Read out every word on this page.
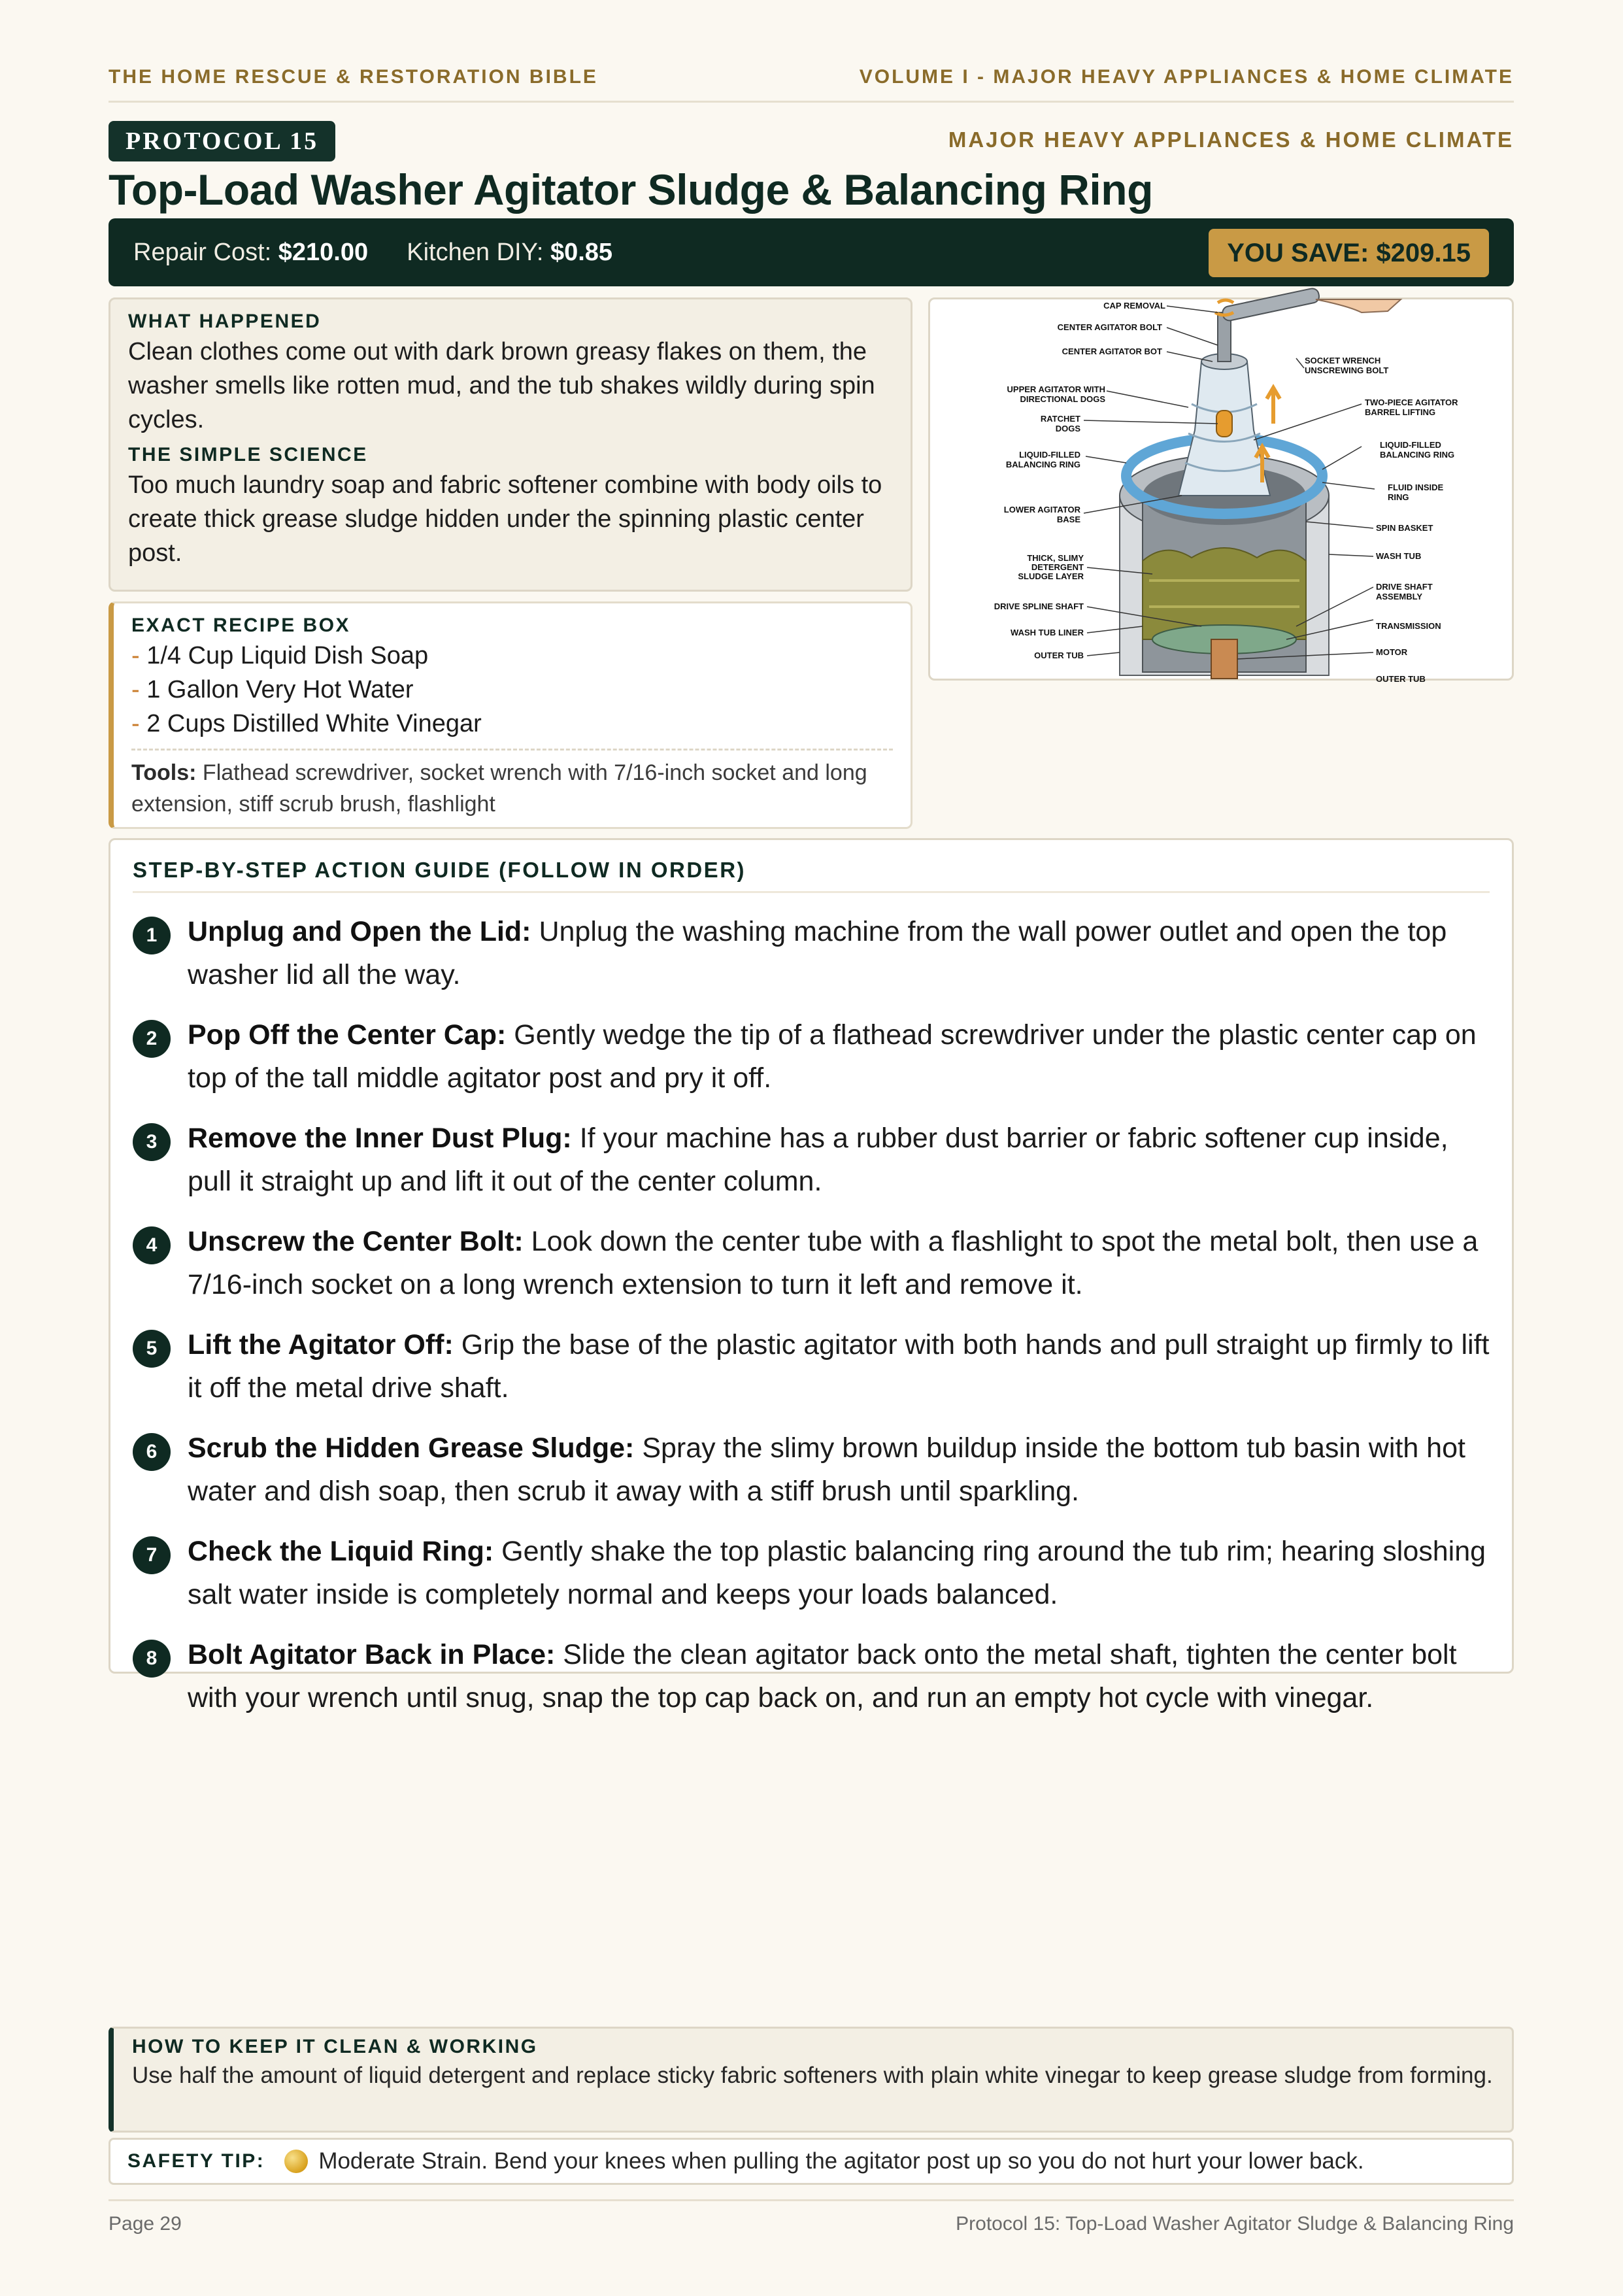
THE HOME RESCUE & RESTORATION BIBLE	VOLUME I - MAJOR HEAVY APPLIANCES & HOME CLIMATE
PROTOCOL 15	MAJOR HEAVY APPLIANCES & HOME CLIMATE
Top-Load Washer Agitator Sludge & Balancing Ring
Repair Cost: $210.00 Kitchen DIY: $0.85	YOU SAVE: $209.15
WHAT HAPPENED
Clean clothes come out with dark brown greasy flakes on them, the washer smells like rotten mud, and the tub shakes wildly during spin cycles.
THE SIMPLE SCIENCE
Too much laundry soap and fabric softener combine with body oils to create thick grease sludge hidden under the spinning plastic center post.
CAP REMOVAL
CENTER AGITATOR BOLT
CENTER AGITATOR BOT
UPPER AGITATOR WITH
DIRECTIONAL DOGS
RATCHET
DOGS
LIQUID-FILLED
BALANCING RING
LOWER AGITATOR
BASE
THICK, SLIMY
DETERGENT
SLUDGE LAYER
DRIVE SPLINE SHAFT
WASH TUB LINER
OUTER TUB
SOCKET WRENCH
UNSCREWING BOLT
TWO-PIECE AGITATOR
BARREL LIFTING
LIQUID-FILLED
BALANCING RING
FLUID INSIDE
RING
SPIN BASKET
WASH TUB
DRIVE SHAFT
ASSEMBLY
TRANSMISSION
MOTOR
OUTER TUB
EXACT RECIPE BOX
- 1/4 Cup Liquid Dish Soap
- 1 Gallon Very Hot Water
- 2 Cups Distilled White Vinegar
Tools: Flathead screwdriver, socket wrench with 7/16-inch socket and long extension, stiff scrub brush, flashlight
STEP-BY-STEP ACTION GUIDE (FOLLOW IN ORDER)
1	Unplug and Open the Lid: Unplug the washing machine from the wall power outlet and open the top washer lid all the way.
2	Pop Off the Center Cap: Gently wedge the tip of a flathead screwdriver under the plastic center cap on top of the tall middle agitator post and pry it off.
3	Remove the Inner Dust Plug: If your machine has a rubber dust barrier or fabric softener cup inside, pull it straight up and lift it out of the center column.
4	Unscrew the Center Bolt: Look down the center tube with a flashlight to spot the metal bolt, then use a 7/16-inch socket on a long wrench extension to turn it left and remove it.
5	Lift the Agitator Off: Grip the base of the plastic agitator with both hands and pull straight up firmly to lift it off the metal drive shaft.
6	Scrub the Hidden Grease Sludge: Spray the slimy brown buildup inside the bottom tub basin with hot water and dish soap, then scrub it away with a stiff brush until sparkling.
7	Check the Liquid Ring: Gently shake the top plastic balancing ring around the tub rim; hearing sloshing salt water inside is completely normal and keeps your loads balanced.
8	Bolt Agitator Back in Place: Slide the clean agitator back onto the metal shaft, tighten the center bolt with your wrench until snug, snap the top cap back on, and run an empty hot cycle with vinegar.
HOW TO KEEP IT CLEAN & WORKING
Use half the amount of liquid detergent and replace sticky fabric softeners with plain white vinegar to keep grease sludge from forming.
SAFETY TIP: Moderate Strain. Bend your knees when pulling the agitator post up so you do not hurt your lower back.
Page 29	Protocol 15: Top-Load Washer Agitator Sludge & Balancing Ring
